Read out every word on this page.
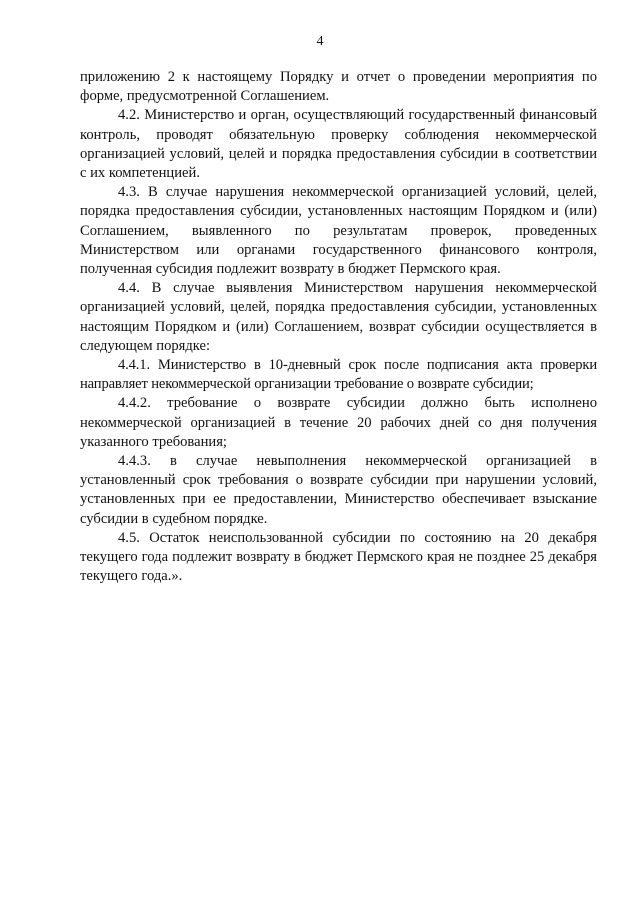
4

приложению 2 к настоящему Порядку и отчет о проведении мероприятия по форме, предусмотренной Соглашением.

4.2. Министерство и орган, осуществляющий государственный финансовый контроль, проводят обязательную проверку соблюдения некоммерческой организацией условий, целей и порядка предоставления субсидии в соответствии с их компетенцией.

4.3. В случае нарушения некоммерческой организацией условий, целей, порядка предоставления субсидии, установленных настоящим Порядком и (или) Соглашением, выявленного по результатам проверок, проведенных Министерством или органами государственного финансового контроля, полученная субсидия подлежит возврату в бюджет Пермского края.

4.4. В случае выявления Министерством нарушения некоммерческой организацией условий, целей, порядка предоставления субсидии, установленных настоящим Порядком и (или) Соглашением, возврат субсидии осуществляется в следующем порядке:

4.4.1. Министерство в 10-дневный срок после подписания акта проверки направляет некоммерческой организации требование о возврате субсидии;

4.4.2. требование о возврате субсидии должно быть исполнено некоммерческой организацией в течение 20 рабочих дней со дня получения указанного требования;

4.4.3. в случае невыполнения некоммерческой организацией в установленный срок требования о возврате субсидии при нарушении условий, установленных при ее предоставлении, Министерство обеспечивает взыскание субсидии в судебном порядке.

4.5. Остаток неиспользованной субсидии по состоянию на 20 декабря текущего года подлежит возврату в бюджет Пермского края не позднее 25 декабря текущего года.».
